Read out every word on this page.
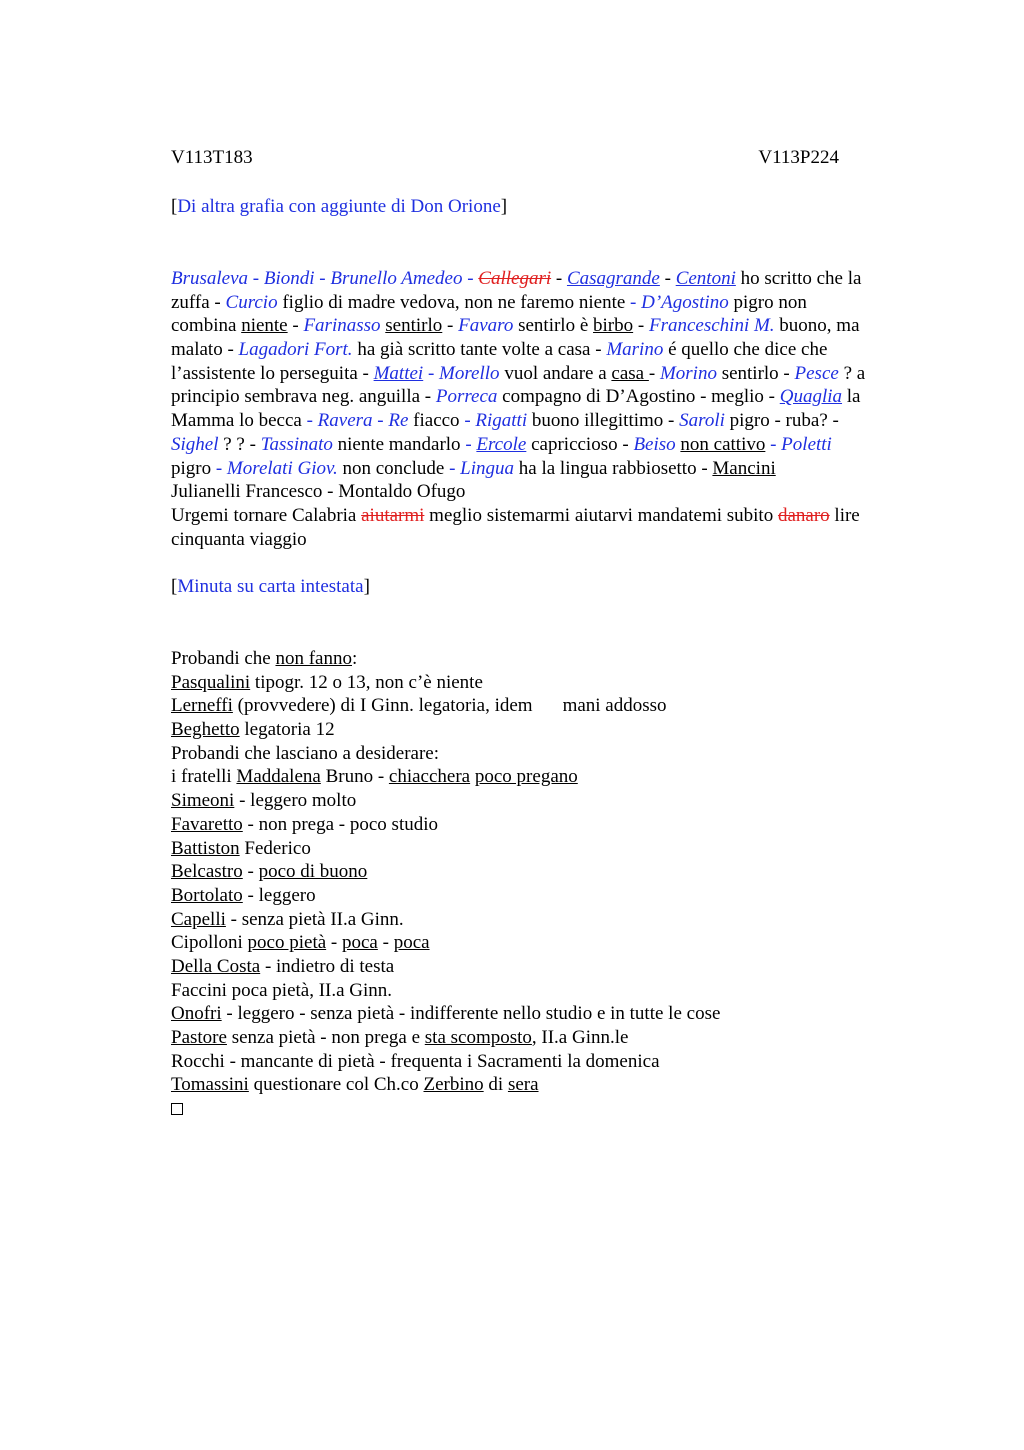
V113T183	V113P224
[Di altra grafia con aggiunte di Don Orione]
Brusaleva - Biondi - Brunello Amedeo - Callegari - Casagrande - Centoni ho scritto che la
zuffa - Curcio figlio di madre vedova, non ne faremo niente - D’Agostino pigro non
combina niente - Farinasso sentirlo - Favaro sentirlo è birbo - Franceschini M. buono, ma
malato - Lagadori Fort. ha già scritto tante volte a casa - Marino é quello che dice che
l’assistente lo perseguita - Mattei - Morello vuol andare a casa - Morino sentirlo - Pesce ? a
principio sembrava neg. anguilla - Porreca compagno di D’Agostino - meglio - Quaglia la
Mamma lo becca - Ravera - Re fiacco - Rigatti buono illegittimo - Saroli pigro - ruba? -
Sighel ? ? - Tassinato niente mandarlo - Ercole capriccioso - Beiso non cattivo - Poletti
pigro - Morelati Giov. non conclude - Lingua ha la lingua rabbiosetto - Mancini
Julianelli Francesco - Montaldo Ofugo
Urgemi tornare Calabria aiutarmi meglio sistemarmi aiutarvi mandatemi subito danaro lire
cinquanta viaggio
[Minuta su carta intestata]
Probandi che non fanno:
Pasqualini tipogr. 12 o 13, non c’è niente
Lerneffi (provvedere) di I Ginn. legatoria, idem mani addosso
Beghetto legatoria 12
Probandi che lasciano a desiderare:
i fratelli Maddalena Bruno - chiacchera poco pregano
Simeoni - leggero molto
Favaretto - non prega - poco studio
Battiston Federico
Belcastro - poco di buono
Bortolato - leggero
Capelli - senza pietà II.a Ginn.
Cipolloni poco pietà - poca - poca
Della Costa - indietro di testa
Faccini poca pietà, II.a Ginn.
Onofri - leggero - senza pietà - indifferente nello studio e in tutte le cose
Pastore senza pietà - non prega e sta scomposto, II.a Ginn.le
Rocchi - mancante di pietà - frequenta i Sacramenti la domenica
Tomassini questionare col Ch.co Zerbino di sera
